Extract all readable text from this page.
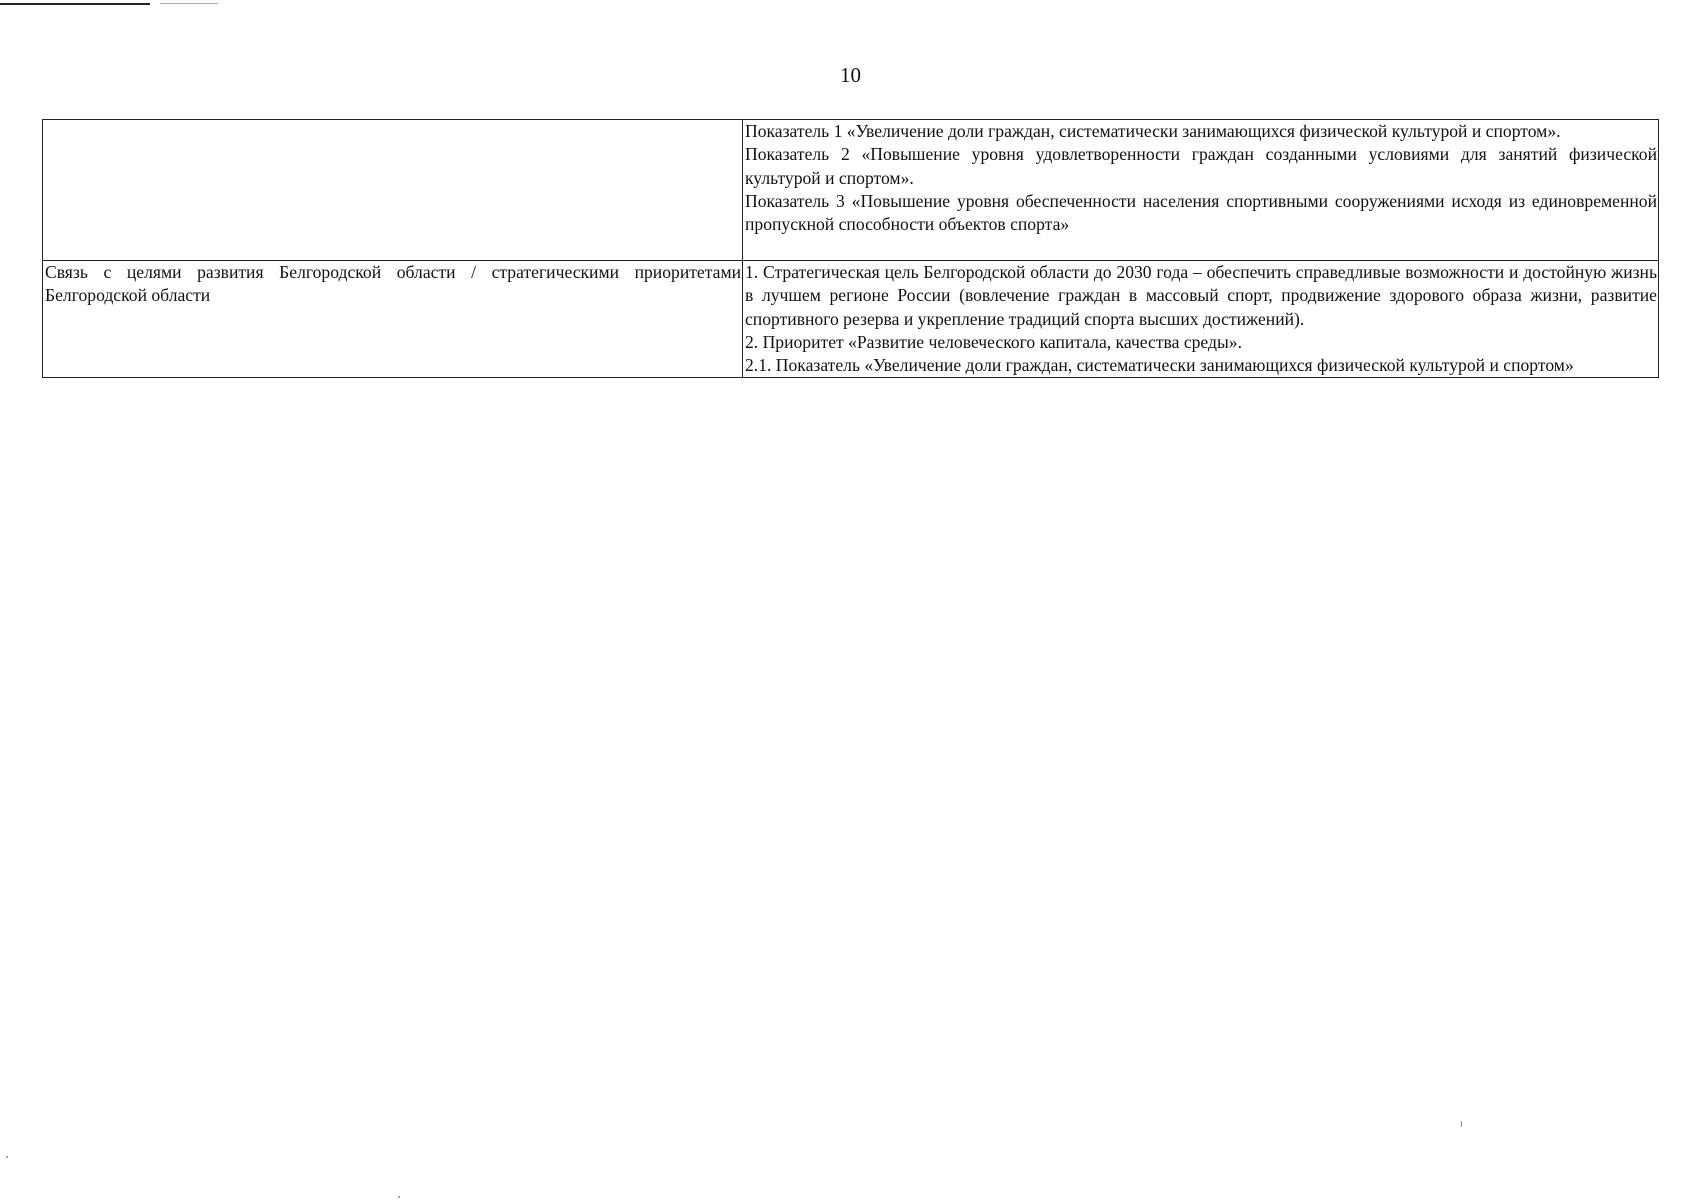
10

	Показатель 1 «Увеличение доли граждан, систематически занимающихся физической культурой и спортом».

Показатель 2 «Повышение уровня удовлетворенности граждан созданными условиями для занятий физической культурой и спортом».

Показатель 3 «Повышение уровня обеспеченности населения спортивными сооружениями исходя из единовременной пропускной способности объектов спорта»

Связь с целями развития Белгородской области / стратегическими приоритетами Белгородской области	1. Стратегическая цель Белгородской области до 2030 года – обеспечить справедливые возможности и достойную жизнь в лучшем регионе России (вовлечение граждан в массовый спорт, продвижение здорового образа жизни, развитие спортивного резерва и укрепление традиций спорта высших достижений).

2. Приоритет «Развитие человеческого капитала, качества среды».

2.1. Показатель «Увеличение доли граждан, систематически занимающихся физической культурой и спортом»
